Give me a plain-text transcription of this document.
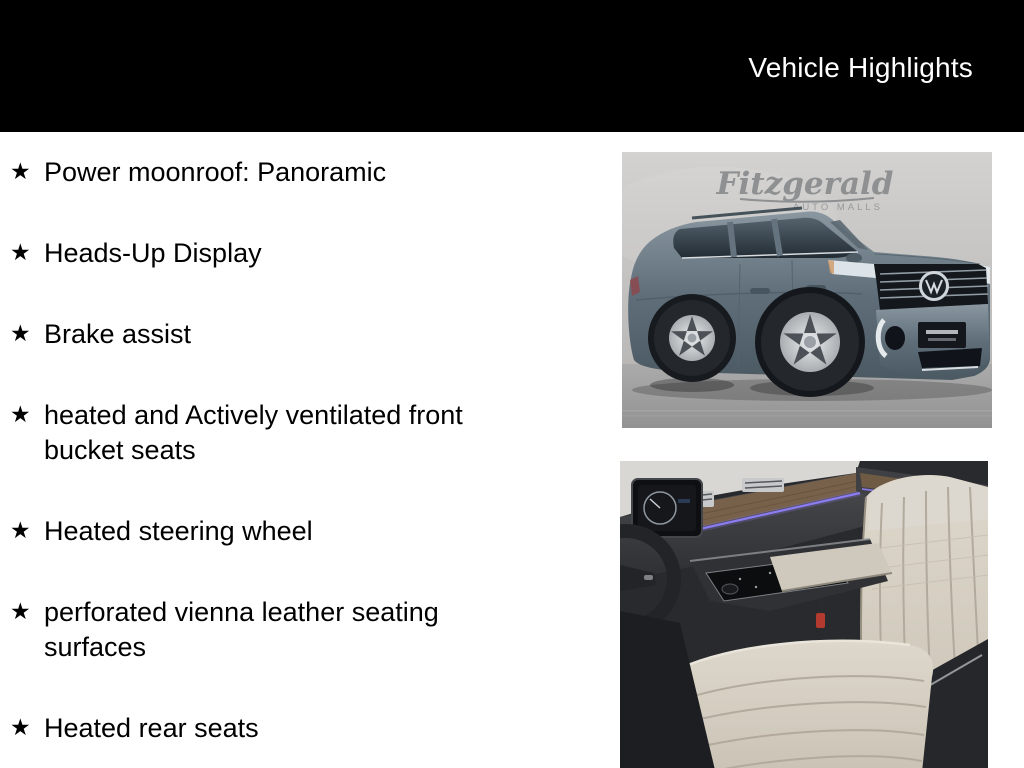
Vehicle Highlights
★ Power moonroof: Panoramic
★ Heads-Up Display
★ Brake assist
★ heated and Actively ventilated front bucket seats
★ Heated steering wheel
★ perforated vienna leather seating surfaces
★ Heated rear seats
Fitzgerald
AUTO MALLS
